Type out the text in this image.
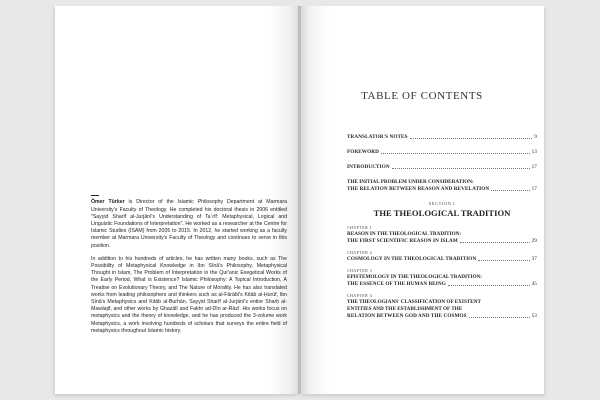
Ömer Türker is Director of the Islamic Philosophy Department at Marmara University's Faculty of Theology. He completed his doctoral thesis in 2006 entitled "Sayyid Sharīf al-Jurjānī's Understanding of Taʿrīf: Metaphysical, Logical and Linguistic Foundations of Interpretation". He worked as a researcher at the Centre for Islamic Studies (İSAM) from 2005 to 2015. In 2012, he started working as a faculty member at Marmara University's Faculty of Theology and continues to serve in this position.

In addition to his hundreds of articles, he has written many books, such as The Possibility of Metaphysical Knowledge in Ibn Sīnā's Philosophy, Metaphysical Thought in Islam, The Problem of Interpretation in the Qur'anic Exegetical Works of the Early Period, What is Existence? Islamic Philosophy: A Topical Introduction, A Treatise on Evolutionary Theory, and The Nature of Morality. He has also translated works from leading philosophers and thinkers such as al-Fārābī's Kitāb al-Ḥurūf, Ibn Sīnā's Metaphysics and Kitāb al-Burhān, Sayyid Sharīf al-Jurjānī's entire Sharḥ al-Mawāqif, and other works by Ghazālī and Fakhr ad-Dīn ar-Rāzī. His works focus on metaphysics and the theory of knowledge, and he has produced the 3-volume work Metaphysics, a work involving hundreds of scholars that surveys the entire field of metaphysics throughout Islamic history.

TABLE OF CONTENTS
TRANSLATOR'S NOTES	9
FOREWORD	13
INTRODUCTION	17
THE INITIAL PROBLEM UNDER CONSIDERATION:
THE RELATION BETWEEN REASON AND REVELATION	17
SECTION I
THE THEOLOGICAL TRADITION
CHAPTER 1
REASON IN THE THEOLOGICAL TRADITION:
THE FIRST SCIENTIFIC REASON IN ISLAM	29
CHAPTER 2
COSMOLOGY IN THE THEOLOGICAL TRADITION	37
CHAPTER 3
EPISTEMOLOGY IN THE THEOLOGICAL TRADITION:
THE ESSENCE OF THE HUMAN BEING	45
CHAPTER 4
THE THEOLOGIANS' CLASSIFICATION OF EXISTENT
ENTITIES AND THE ESTABLISHMENT OF THE
RELATION BETWEEN GOD AND THE COSMOS	53
